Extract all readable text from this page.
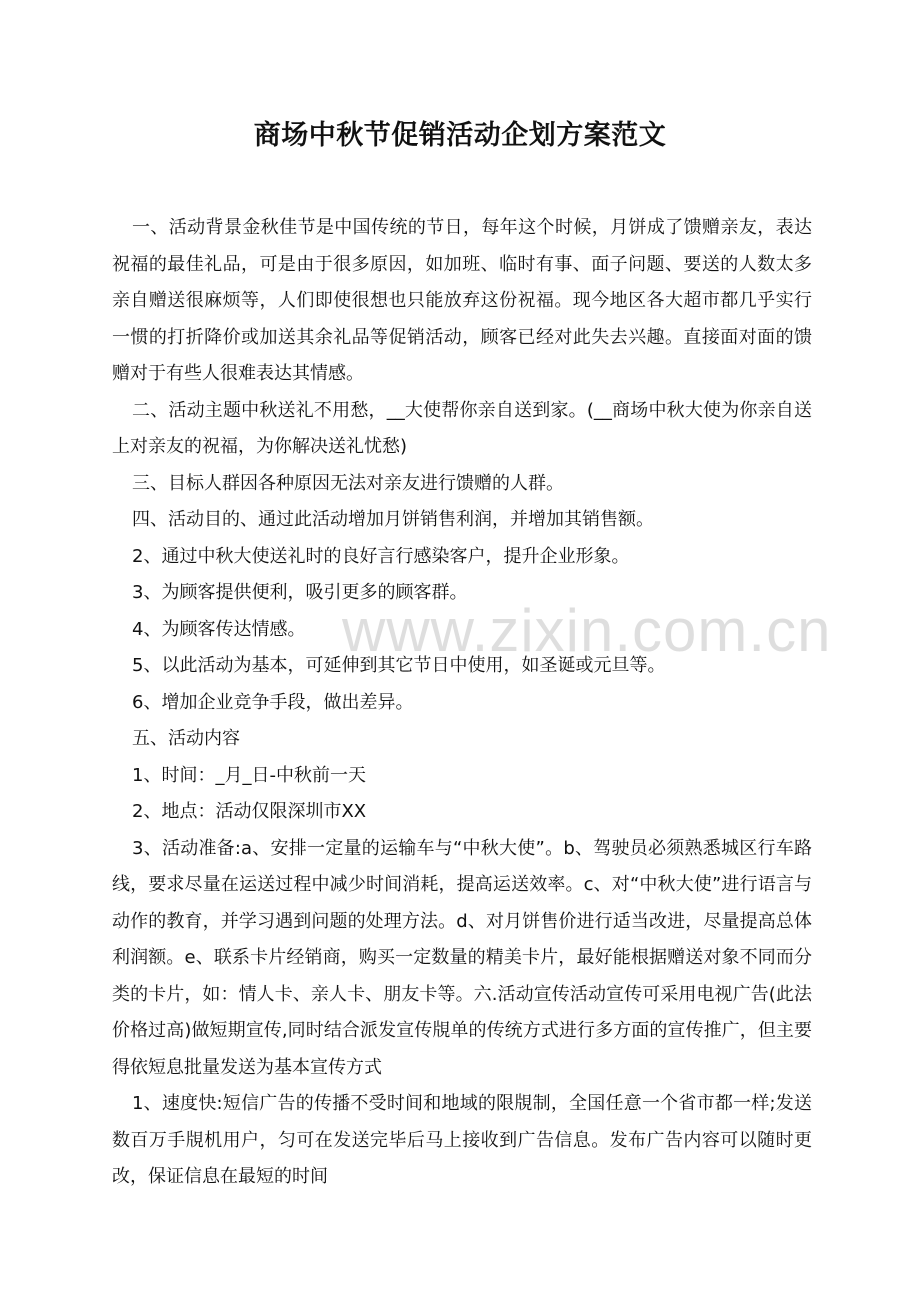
商场中秋节促销活动企划方案范文

一、活动背景金秋佳节是中国传统的节日，每年这个时候，月饼成了馈赠亲友，表达祝福的最佳礼品，可是由于很多原因，如加班、临时有事、面子问题、要送的人数太多亲自赠送很麻烦等，人们即使很想也只能放弃这份祝福。现今地区各大超市都几乎实行一惯的打折降价或加送其余礼品等促销活动，顾客已经对此失去兴趣。直接面对面的馈赠对于有些人很难表达其情感。

二、活动主题中秋送礼不用愁，__大使帮你亲自送到家。(__商场中秋大使为你亲自送上对亲友的祝福，为你解决送礼忧愁)

三、目标人群因各种原因无法对亲友进行馈赠的人群。

四、活动目的、通过此活动增加月饼销售利润，并增加其销售额。

2、通过中秋大使送礼时的良好言行感染客户，提升企业形象。

3、为顾客提供便利，吸引更多的顾客群。

4、为顾客传达情感。

5、以此活动为基本，可延伸到其它节日中使用，如圣诞或元旦等。

6、增加企业竞争手段，做出差异。

五、活动内容

1、时间：_月_日-中秋前一天

2、地点：活动仅限深圳市XX

3、活动准备:a、安排一定量的运输车与“中秋大使”。b、驾驶员必须熟悉城区行车路线，要求尽量在运送过程中减少时间消耗，提高运送效率。c、对“中秋大使”进行语言与动作的教育，并学习遇到问题的处理方法。d、对月饼售价进行适当改进，尽量提高总体利润额。e、联系卡片经销商，购买一定数量的精美卡片，最好能根据赠送对象不同而分类的卡片，如：情人卡、亲人卡、朋友卡等。六.活动宣传活动宣传可采用电视广告(此法价格过高)做短期宣传,同时结合派发宣传覑单的传统方式进行多方面的宣传推广，但主要得依短息批量发送为基本宣传方式

1、速度快:短信广告的传播不受时间和地域的限覑制，全国任意一个省市都一样;发送数百万手覑机用户，匀可在发送完毕后马上接收到广告信息。发布广告内容可以随时更改，保证信息在最短的时间

www.zixin.com.cn
